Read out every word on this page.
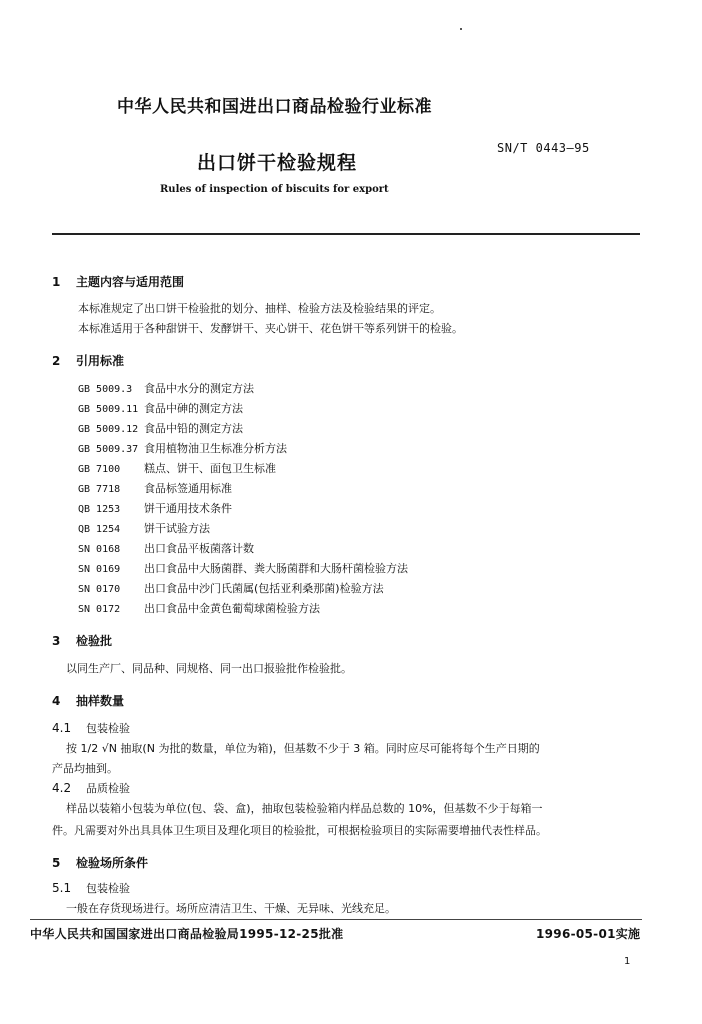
中华人民共和国进出口商品检验行业标准
SN/T 0443—95
出口饼干检验规程
Rules of inspection of biscuits for export
1 主题内容与适用范围
本标准规定了出口饼干检验批的划分、抽样、检验方法及检验结果的评定。
本标准适用于各种甜饼干、发酵饼干、夹心饼干、花色饼干等系列饼干的检验。
2 引用标准
GB 5009.3 食品中水分的测定方法
GB 5009.11 食品中砷的测定方法
GB 5009.12 食品中铅的测定方法
GB 5009.37 食用植物油卫生标准分析方法
GB 7100 糕点、饼干、面包卫生标准
GB 7718 食品标签通用标准
QB 1253 饼干通用技术条件
QB 1254 饼干试验方法
SN 0168 出口食品平板菌落计数
SN 0169 出口食品中大肠菌群、粪大肠菌群和大肠杆菌检验方法
SN 0170 出口食品中沙门氏菌属(包括亚利桑那菌)检验方法
SN 0172 出口食品中金黄色葡萄球菌检验方法
3 检验批
以同生产厂、同品种、同规格、同一出口报验批作检验批。
4 抽样数量
4.1 包装检验
按 1/2 √N 抽取(N 为批的数量，单位为箱)，但基数不少于 3 箱。同时应尽可能将每个生产日期的
产品均抽到。
4.2 品质检验
样品以装箱小包装为单位(包、袋、盒)，抽取包装检验箱内样品总数的 10%，但基数不少于每箱一
件。凡需要对外出具具体卫生项目及理化项目的检验批，可根据检验项目的实际需要增抽代表性样品。
5 检验场所条件
5.1 包装检验
一般在存货现场进行。场所应清洁卫生、干燥、无异味、光线充足。
中华人民共和国国家进出口商品检验局1995-12-25批准	1996-05-01实施
1
